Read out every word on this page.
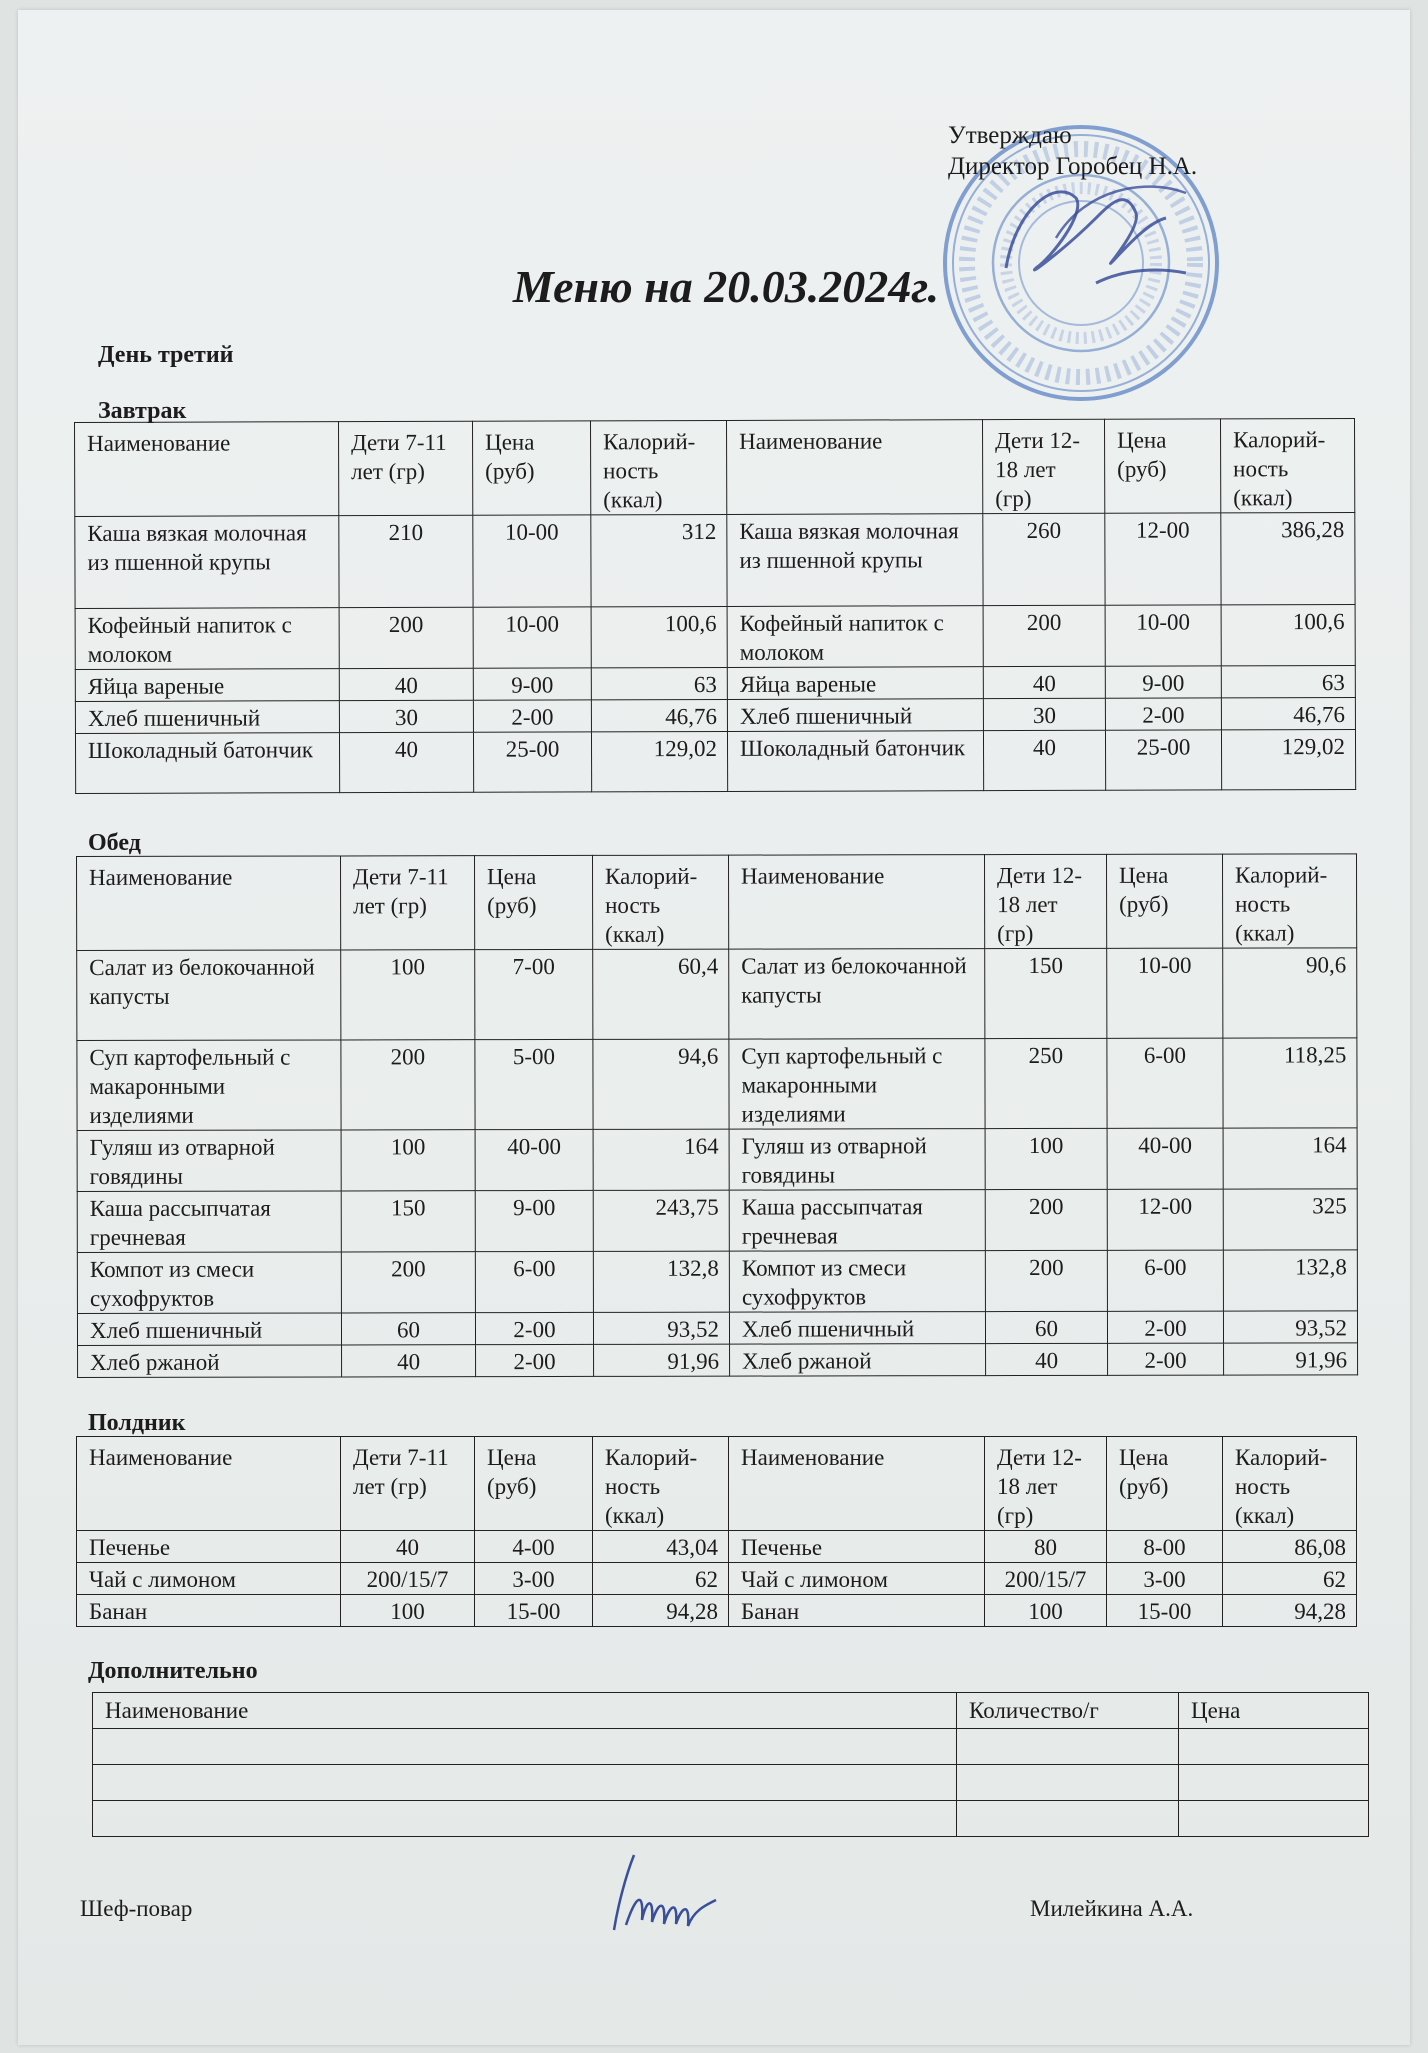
Утверждаю
Директор Горобец Н.А.
Меню на 20.03.2024г.
День третий
Завтрак
Наименование	Дети 7-11 лет (гр)	Цена (руб)	Калорий-ность (ккал)	Наименование	Дети 12-18 лет (гр)	Цена (руб)	Калорий-ность (ккал)
Каша вязкая молочная из пшенной крупы	210	10-00	312	Каша вязкая молочная из пшенной крупы	260	12-00	386,28
Кофейный напиток с молоком	200	10-00	100,6	Кофейный напиток с молоком	200	10-00	100,6
Яйца вареные	40	9-00	63	Яйца вареные	40	9-00	63
Хлеб пшеничный	30	2-00	46,76	Хлеб пшеничный	30	2-00	46,76
Шоколадный батончик	40	25-00	129,02	Шоколадный батончик	40	25-00	129,02
Обед
Наименование	Дети 7-11 лет (гр)	Цена (руб)	Калорий-ность (ккал)	Наименование	Дети 12-18 лет (гр)	Цена (руб)	Калорий-ность (ккал)
Салат из белокочанной капусты	100	7-00	60,4	Салат из белокочанной капусты	150	10-00	90,6
Суп картофельный с макаронными изделиями	200	5-00	94,6	Суп картофельный с макаронными изделиями	250	6-00	118,25
Гуляш из отварной говядины	100	40-00	164	Гуляш из отварной говядины	100	40-00	164
Каша рассыпчатая гречневая	150	9-00	243,75	Каша рассыпчатая гречневая	200	12-00	325
Компот из смеси сухофруктов	200	6-00	132,8	Компот из смеси сухофруктов	200	6-00	132,8
Хлеб пшеничный	60	2-00	93,52	Хлеб пшеничный	60	2-00	93,52
Хлеб ржаной	40	2-00	91,96	Хлеб ржаной	40	2-00	91,96
Полдник
Наименование	Дети 7-11 лет (гр)	Цена (руб)	Калорий-ность (ккал)	Наименование	Дети 12-18 лет (гр)	Цена (руб)	Калорий-ность (ккал)
Печенье	40	4-00	43,04	Печенье	80	8-00	86,08
Чай с лимоном	200/15/7	3-00	62	Чай с лимоном	200/15/7	3-00	62
Банан	100	15-00	94,28	Банан	100	15-00	94,28
Дополнительно
Наименование	Количество/г	Цена

Шеф-повар	Милейкина А.А.
